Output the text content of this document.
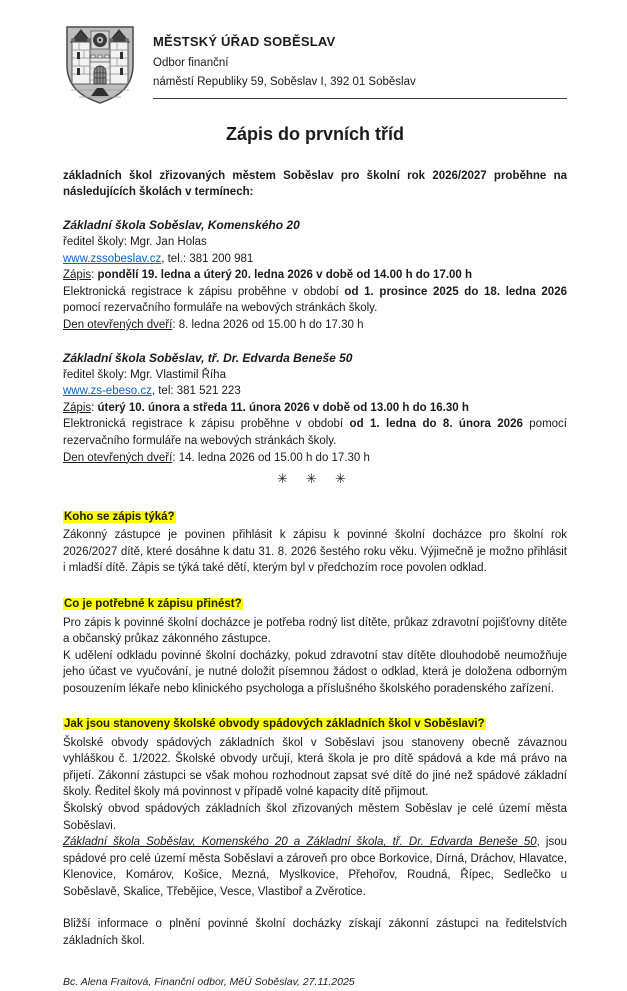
MĚSTSKÝ ÚŘAD SOBĚSLAV
Odbor finanční
náměstí Republiky 59, Soběslav I, 392 01 Soběslav

Zápis do prvních tříd

základních škol zřizovaných městem Soběslav pro školní rok 2026/2027 proběhne na následujících školách v termínech:

Základní škola Soběslav, Komenského 20

ředitel školy: Mgr. Jan Holas

www.zssobeslav.cz, tel.: 381 200 981

Zápis: pondělí 19. ledna a úterý 20. ledna 2026 v době od 14.00 h do 17.00 h

Elektronická registrace k zápisu proběhne v období od 1. prosince 2025 do 18. ledna 2026 pomocí rezervačního formuláře na webových stránkách školy.

Den otevřených dveří: 8. ledna 2026 od 15.00 h do 17.30 h

Základní škola Soběslav, tř. Dr. Edvarda Beneše 50

ředitel školy: Mgr. Vlastimil Říha

www.zs-ebeso.cz, tel: 381 521 223

Zápis: úterý 10. února a středa 11. února 2026 v době od 13.00 h do 16.30 h

Elektronická registrace k zápisu proběhne v období od 1. ledna do 8. února 2026 pomocí rezervačního formuláře na webových stránkách školy.

Den otevřených dveří: 14. ledna 2026 od 15.00 h do 17.30 h

✳ ✳ ✳

Koho se zápis týká?

Zákonný zástupce je povinen přihlásit k zápisu k povinné školní docházce pro školní rok 2026/2027 dítě, které dosáhne k datu 31. 8. 2026 šestého roku věku. Výjimečně je možno přihlásit i mladší dítě. Zápis se týká také dětí, kterým byl v předchozím roce povolen odklad.

Co je potřebné k zápisu přinést?

Pro zápis k povinné školní docházce je potřeba rodný list dítěte, průkaz zdravotní pojišťovny dítěte a občanský průkaz zákonného zástupce.

K udělení odkladu povinné školní docházky, pokud zdravotní stav dítěte dlouhodobě neumožňuje jeho účast ve vyučování, je nutné doložit písemnou žádost o odklad, která je doložena odborným posouzením lékaře nebo klinického psychologa a příslušného školského poradenského zařízení.

Jak jsou stanoveny školské obvody spádových základních škol v Soběslavi?

Školské obvody spádových základních škol v Soběslavi jsou stanoveny obecně závaznou vyhláškou č. 1/2022. Školské obvody určují, která škola je pro dítě spádová a kde má právo na přijetí. Zákonní zástupci se však mohou rozhodnout zapsat své dítě do jiné než spádové základní školy. Ředitel školy má povinnost v případě volné kapacity dítě přijmout.

Školský obvod spádových základních škol zřizovaných městem Soběslav je celé území města Soběslavi.

Základní škola Soběslav, Komenského 20 a Základní škola, tř. Dr. Edvarda Beneše 50, jsou spádové pro celé území města Soběslavi a zároveň pro obce Borkovice, Dírná, Dráchov, Hlavatce, Klenovice, Komárov, Košice, Mezná, Myslkovice, Přehořov, Roudná, Řípec, Sedlečko u Soběslavě, Skalice, Třebějice, Vesce, Vlastiboř a Zvěrotice.

Bližší informace o plnění povinné školní docházky získají zákonní zástupci na ředitelstvích základních škol.

Bc. Alena Fraitová, Finanční odbor, MěÚ Soběslav, 27.11.2025
